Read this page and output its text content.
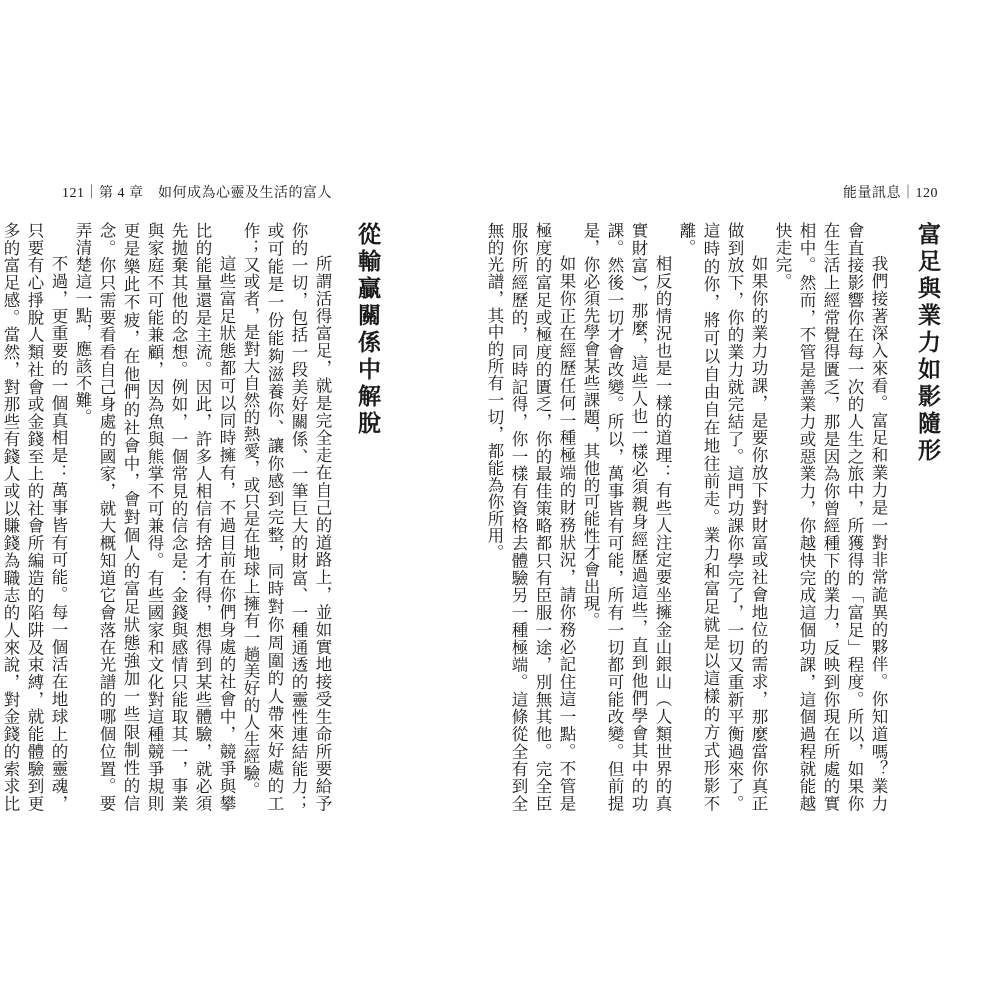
121｜第 4 章　如何成為心靈及生活的富人	能量訊息｜120
富足與業力如影隨形

我們接著深入來看。富足和業力是一對非常詭異的夥伴。你知道嗎？業力會直接影響你在每一次的人生之旅中，所獲得的「富足」程度。所以，如果你在生活上經常覺得匱乏，那是因為你曾經種下的業力，反映到你現在所處的實相中。然而，不管是善業力或惡業力，你越快完成這個功課，這個過程就能越快走完。

如果你的業力功課，是要你放下對財富或社會地位的需求，那麼當你真正做到放下，你的業力就完結了。這門功課你學完了，一切又重新平衡過來了。這時的你，將可以自由自在地往前走。業力和富足就是以這樣的方式形影不離。

相反的情況也是一樣的道理：有些人注定要坐擁金山銀山（人類世界的真實財富），那麼，這些人也一樣必須親身經歷過這些，直到他們學會其中的功課。然後一切才會改變。所以，萬事皆有可能，所有一切都可能改變。但前提是，你必須先學會某些課題，其他的可能性才會出現。

如果你正在經歷任何一種極端的財務狀況，請你務必記住這一點。不管是極度的富足或極度的匱乏，你的最佳策略都只有臣服一途，別無其他。完全臣服你所經歷的，同時記得，你一樣有資格去體驗另一種極端。這條從全有到全無的光譜，其中的所有一切，都能為你所用。

從輸贏關係中解脫

所謂活得富足，就是完全走在自己的道路上，並如實地接受生命所要給予你的一切，包括一段美好關係、一筆巨大的財富、一種通透的靈性連結能力；或可能是一份能夠滋養你、讓你感到完整，同時對你周圍的人帶來好處的工作；又或者，是對大自然的熱愛，或只是在地球上擁有一趟美好的人生經驗。

這些富足狀態都可以同時擁有，不過目前在你們身處的社會中，競爭與攀比的能量還是主流。因此，許多人相信有捨才有得，想得到某些體驗，就必須先拋棄其他的念想。例如，一個常見的信念是：金錢與感情只能取其一，事業與家庭不可能兼顧，因為魚與熊掌不可兼得。有些國家和文化對這種競爭規則更是樂此不疲，在他們的社會中，會對個人的富足狀態強加一些限制性的信念。你只需要看看自己身處的國家，就大概知道它會落在光譜的哪個位置。要弄清楚這一點，應該不難。

不過，更重要的一個真相是：萬事皆有可能。每一個活在地球上的靈魂，只要有心掙脫人類社會或金錢至上的社會所編造的陷阱及束縛，就能體驗到更多的富足感。當然，對那些有錢人或以賺錢為職志的人來說，對金錢的索求比
